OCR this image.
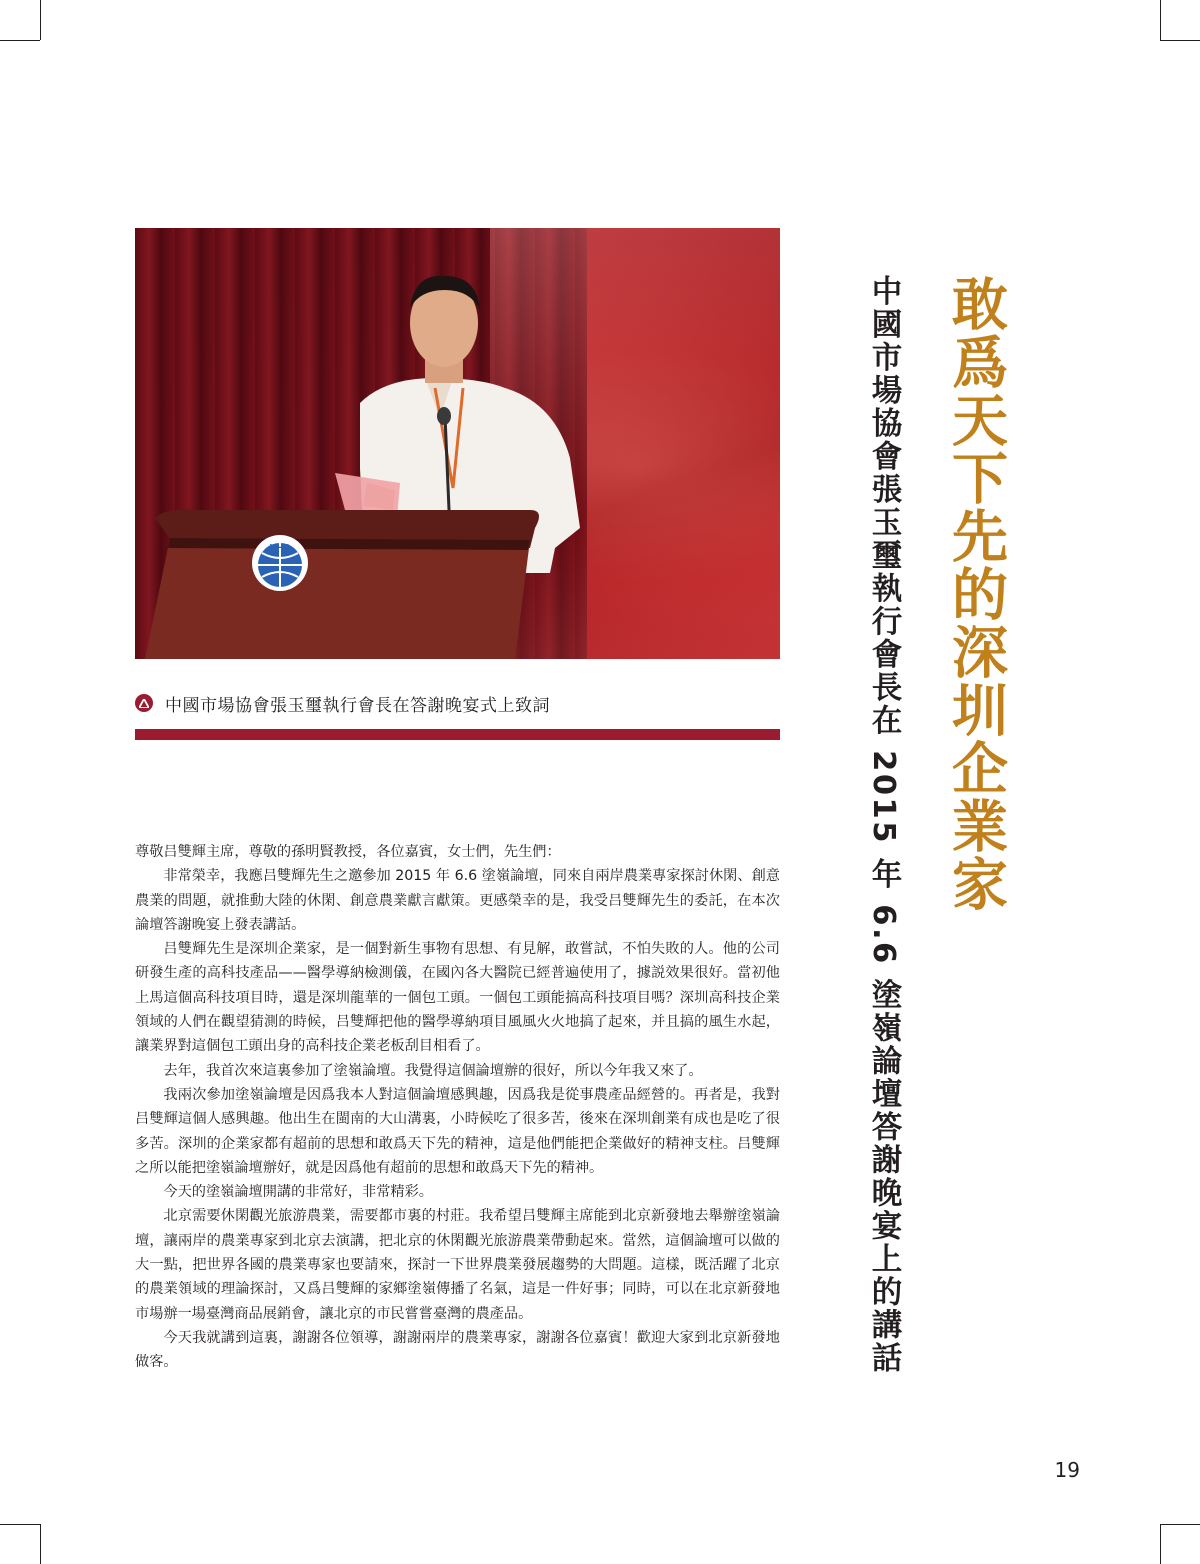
XHD
中國市場協會張玉璽執行會長在答謝晚宴式上致詞

尊敬吕雙輝主席，尊敬的孫明賢教授，各位嘉賓，女士們，先生們：

非常榮幸，我應吕雙輝先生之邀參加 2015 年 6.6 塗嶺論壇，同來自兩岸農業專家探討休閑、創意農業的問題，就推動大陸的休閑、創意農業獻言獻策。更感榮幸的是，我受吕雙輝先生的委託，在本次論壇答謝晚宴上發表講話。

吕雙輝先生是深圳企業家，是一個對新生事物有思想、有見解，敢嘗試，不怕失敗的人。他的公司研發生產的高科技產品——醫學導納檢測儀，在國內各大醫院已經普遍使用了，據説效果很好。當初他上馬這個高科技項目時，還是深圳龍華的一個包工頭。一個包工頭能搞高科技項目嗎？深圳高科技企業領域的人們在觀望猜測的時候，吕雙輝把他的醫學導納項目風風火火地搞了起來，并且搞的風生水起，讓業界對這個包工頭出身的高科技企業老板刮目相看了。

去年，我首次來這裏參加了塗嶺論壇。我覺得這個論壇辦的很好，所以今年我又來了。

我兩次參加塗嶺論壇是因爲我本人對這個論壇感興趣，因爲我是從事農產品經營的。再者是，我對吕雙輝這個人感興趣。他出生在閩南的大山溝裏，小時候吃了很多苦，後來在深圳創業有成也是吃了很多苦。深圳的企業家都有超前的思想和敢爲天下先的精神，這是他們能把企業做好的精神支柱。吕雙輝之所以能把塗嶺論壇辦好，就是因爲他有超前的思想和敢爲天下先的精神。

今天的塗嶺論壇開講的非常好，非常精彩。

北京需要休閑觀光旅游農業，需要都市裏的村莊。我希望吕雙輝主席能到北京新發地去舉辦塗嶺論壇，讓兩岸的農業專家到北京去演講，把北京的休閑觀光旅游農業帶動起來。當然，這個論壇可以做的大一點，把世界各國的農業專家也要請來，探討一下世界農業發展趨勢的大問題。這樣，既活躍了北京的農業領域的理論探討，又爲吕雙輝的家鄉塗嶺傳播了名氣，這是一件好事；同時，可以在北京新發地市場辦一場臺灣商品展銷會，讓北京的市民嘗嘗臺灣的農產品。

今天我就講到這裏，謝謝各位領導，謝謝兩岸的農業專家，謝謝各位嘉賓！歡迎大家到北京新發地做客。

敢爲天下先的深圳企業家
中國市場協會張玉璽執行會長在 2015 年 6.6 塗嶺論壇答謝晚宴上的講話
19
